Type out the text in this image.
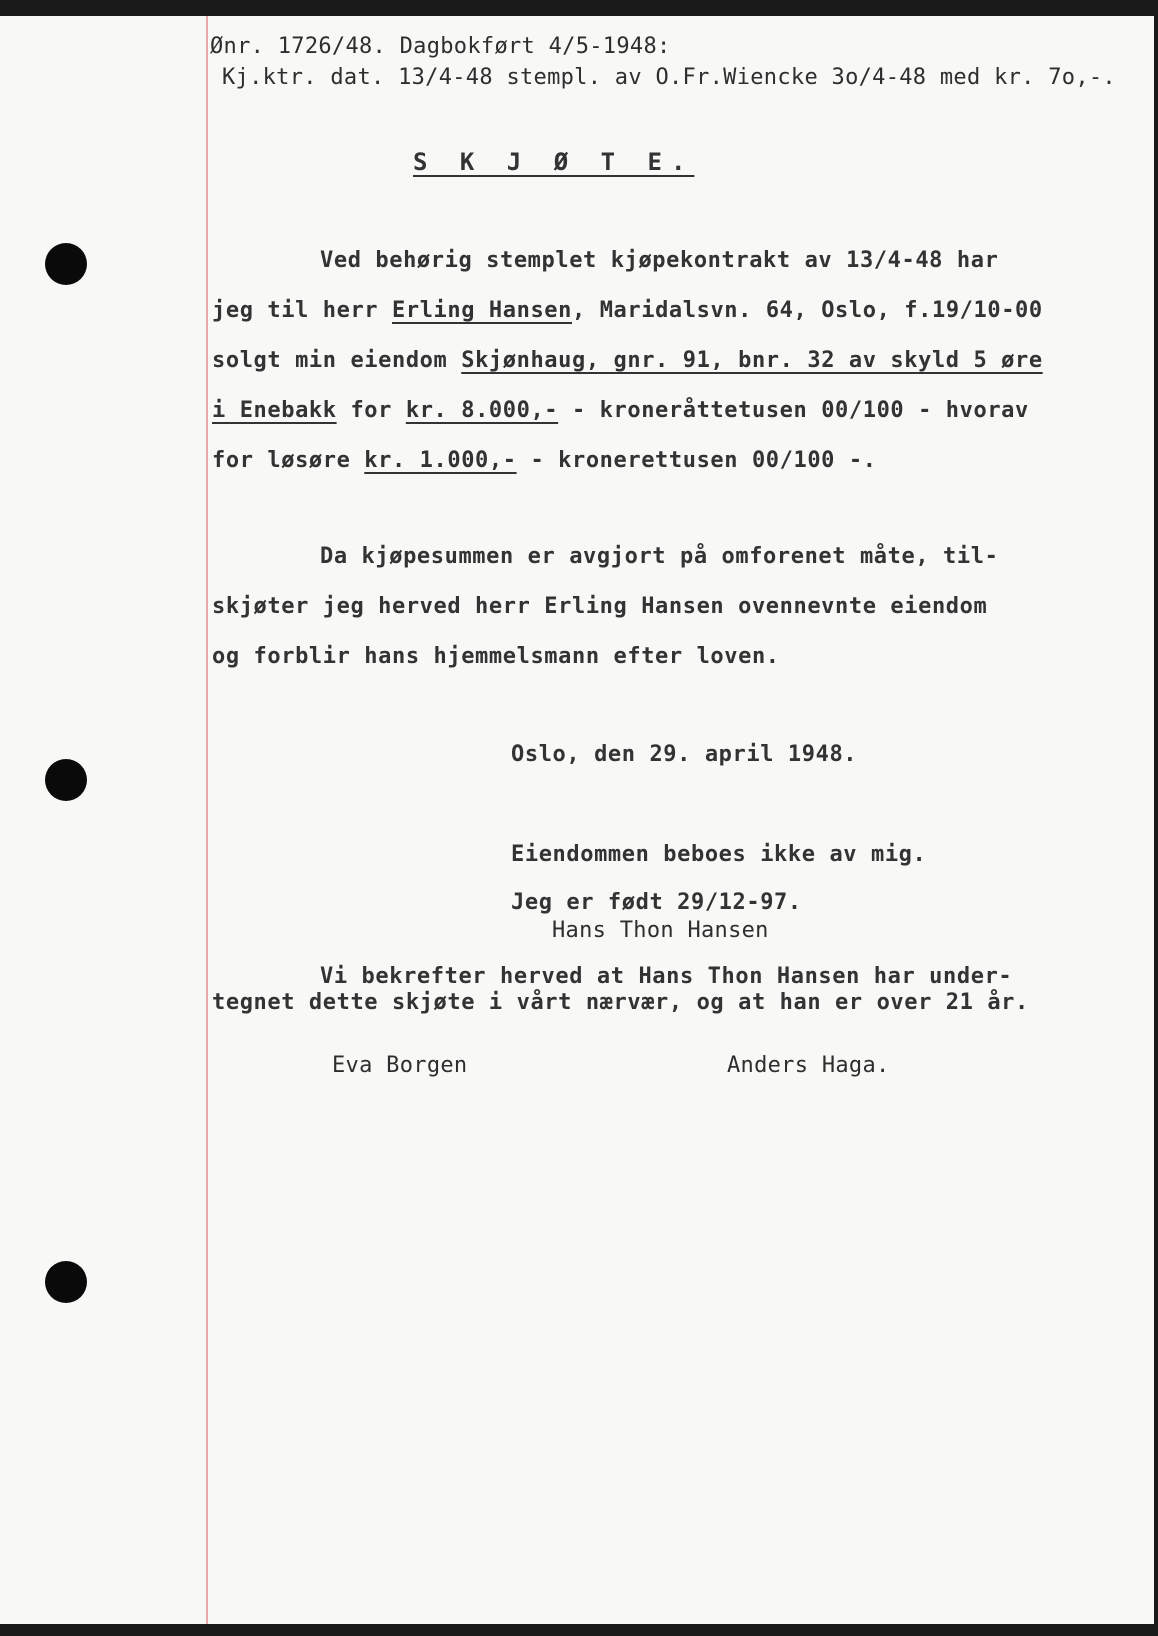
Ønr. 1726/48. Dagbokført 4/5-1948:
Kj.ktr. dat. 13/4-48 stempl. av O.Fr.Wiencke 3o/4-48 med kr. 7o,-.
S K J Ø T E.
Ved behørig stemplet kjøpekontrakt av 13/4-48 har
jeg til herr Erling Hansen, Maridalsvn. 64, Oslo, f.19/10-00
solgt min eiendom Skjønhaug, gnr. 91, bnr. 32 av skyld 5 øre
i Enebakk for kr. 8.000,- - kroneråttetusen 00/100 - hvorav
for løsøre kr. 1.000,- - kronerettusen 00/100 -.
Da kjøpesummen er avgjort på omforenet måte, til-
skjøter jeg herved herr Erling Hansen ovennevnte eiendom
og forblir hans hjemmelsmann efter loven.
Oslo, den 29. april 1948.
Eiendommen beboes ikke av mig.
Jeg er født 29/12-97.
Hans Thon Hansen
Vi bekrefter herved at Hans Thon Hansen har under-
tegnet dette skjøte i vårt nærvær, og at han er over 21 år.
Eva Borgen	Anders Haga.
